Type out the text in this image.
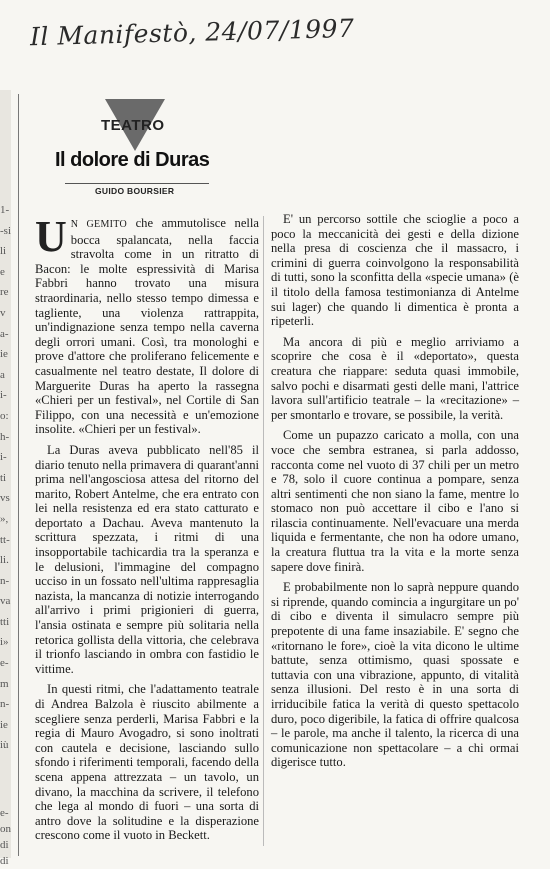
Il Manifestò, 24/07/1997
1-
-si
li
e
re
v
a-
ie
a
i-
o:
h-
i-
ti
vs
»,
tt-
li.
n-
va
tti
i»
e-
m
n-
ie
iù
e-
on
di
di
TEATRO
Il dolore di Duras
GUIDO BOURSIER

U N GEMITO che ammutolisce nella bocca spalancata, nella faccia stravolta come in un ritratto di Bacon: le molte espressività di Marisa Fabbri hanno trovato una misura straordinaria, nello stesso tempo dimessa e tagliente, una violenza rattrappita, un'indignazione senza tempo nella caverna degli orrori umani. Così, tra monologhi e prove d'attore che proliferano felicemente e casualmente nel teatro destate, Il dolore di Marguerite Duras ha aperto la rassegna «Chieri per un festival», nel Cortile di San Filippo, con una necessità e un'emozione insolite. «Chieri per un festival».

La Duras aveva pubblicato nell'85 il diario tenuto nella primavera di quarant'anni prima nell'angosciosa attesa del ritorno del marito, Robert Antelme, che era entrato con lei nella resistenza ed era stato catturato e deportato a Dachau. Aveva mantenuto la scrittura spezzata, i ritmi di una insopportabile tachicardia tra la speranza e le delusioni, l'immagine del compagno ucciso in un fossato nell'ultima rappresaglia nazista, la mancanza di notizie interrogando all'arrivo i primi prigionieri di guerra, l'ansia ostinata e sempre più solitaria nella retorica gollista della vittoria, che celebrava il trionfo lasciando in ombra con fastidio le vittime.

In questi ritmi, che l'adattamento teatrale di Andrea Balzola è riuscito abilmente a scegliere senza perderli, Marisa Fabbri e la regia di Mauro Avogadro, si sono inoltrati con cautela e decisione, lasciando sullo sfondo i riferimenti temporali, facendo della scena appena attrezzata – un tavolo, un divano, la macchina da scrivere, il telefono che lega al mondo di fuori – una sorta di antro dove la solitudine e la disperazione crescono come il vuoto in Beckett.

E' un percorso sottile che scioglie a poco a poco la meccanicità dei gesti e della dizione nella presa di coscienza che il massacro, i crimini di guerra coinvolgono la responsabilità di tutti, sono la sconfitta della «specie umana» (è il titolo della famosa testimonianza di Antelme sui lager) che quando li dimentica è pronta a ripeterli.

Ma ancora di più e meglio arriviamo a scoprire che cosa è il «deportato», questa creatura che riappare: seduta quasi immobile, salvo pochi e disarmati gesti delle mani, l'attrice lavora sull'artificio teatrale – la «recitazione» – per smontarlo e trovare, se possibile, la verità.

Come un pupazzo caricato a molla, con una voce che sembra estranea, si parla addosso, racconta come nel vuoto di 37 chili per un metro e 78, solo il cuore continua a pompare, senza altri sentimenti che non siano la fame, mentre lo stomaco non può accettare il cibo e l'ano si rilascia continuamente. Nell'evacuare una merda liquida e fermentante, che non ha odore umano, la creatura fluttua tra la vita e la morte senza sapere dove finirà.

E probabilmente non lo saprà neppure quando si riprende, quando comincia a ingurgitare un po' di cibo e diventa il simulacro sempre più prepotente di una fame insaziabile. E' segno che «ritornano le fore», cioè la vita dicono le ultime battute, senza ottimismo, quasi spossate e tuttavia con una vibrazione, appunto, di vitalità senza illusioni. Del resto è in una sorta di irriducibile fatica la verità di questo spettacolo duro, poco digeribile, la fatica di offrire qualcosa – le parole, ma anche il talento, la ricerca di una comunicazione non spettacolare – a chi ormai digerisce tutto.
